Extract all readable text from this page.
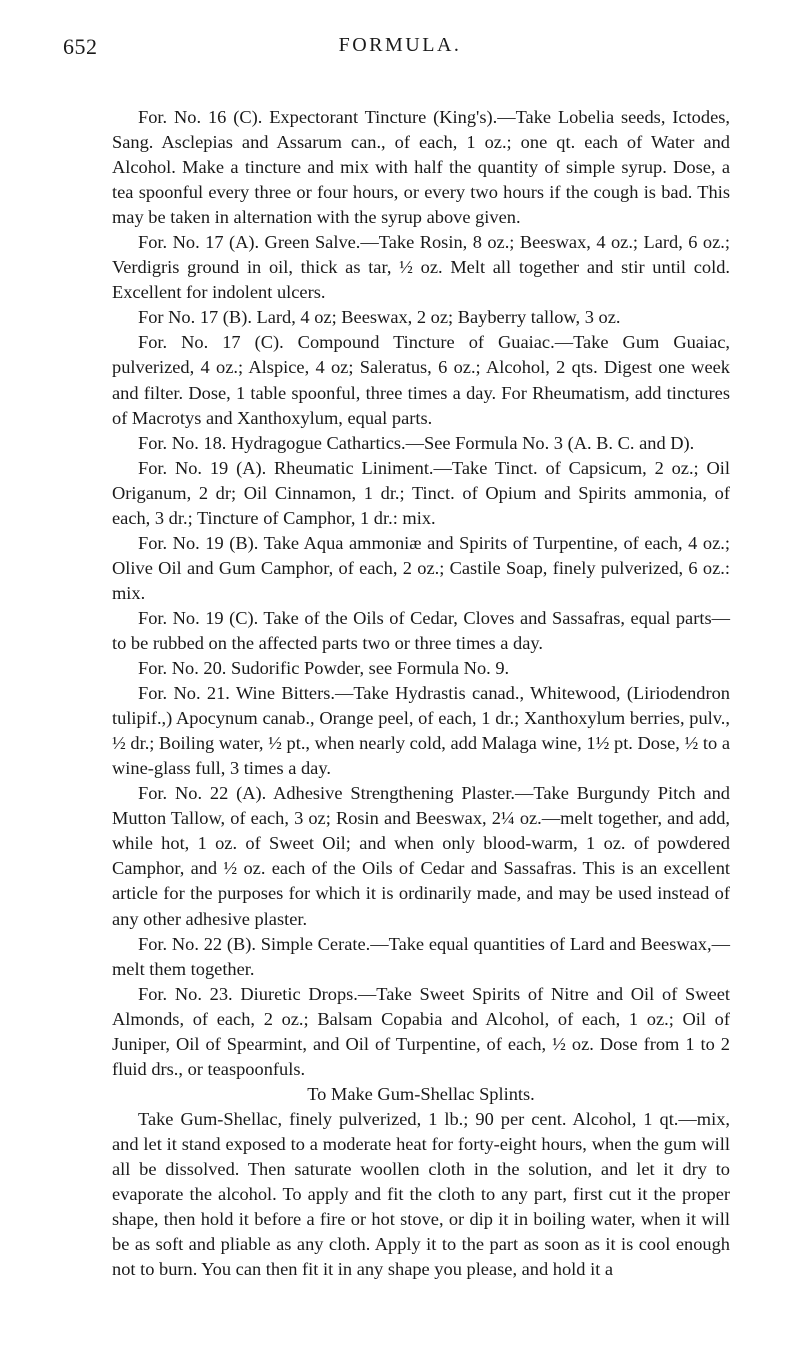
652	FORMULA.

For. No. 16 (C). Expectorant Tincture (King's).—Take Lobelia seeds, Ictodes, Sang. Asclepias and Assarum can., of each, 1 oz.; one qt. each of Water and Alcohol. Make a tincture and mix with half the quantity of simple syrup. Dose, a tea spoonful every three or four hours, or every two hours if the cough is bad. This may be taken in alternation with the syrup above given.

For. No. 17 (A). Green Salve.—Take Rosin, 8 oz.; Beeswax, 4 oz.; Lard, 6 oz.; Verdigris ground in oil, thick as tar, ½ oz. Melt all together and stir until cold. Excellent for indolent ulcers.

For No. 17 (B). Lard, 4 oz; Beeswax, 2 oz; Bayberry tallow, 3 oz.

For. No. 17 (C). Compound Tincture of Guaiac.—Take Gum Guaiac, pulverized, 4 oz.; Alspice, 4 oz; Saleratus, 6 oz.; Alcohol, 2 qts. Digest one week and filter. Dose, 1 table spoonful, three times a day. For Rheumatism, add tinctures of Macrotys and Xanthoxylum, equal parts.

For. No. 18. Hydragogue Cathartics.—See Formula No. 3 (A. B. C. and D).

For. No. 19 (A). Rheumatic Liniment.—Take Tinct. of Capsicum, 2 oz.; Oil Origanum, 2 dr; Oil Cinnamon, 1 dr.; Tinct. of Opium and Spirits ammonia, of each, 3 dr.; Tincture of Camphor, 1 dr.: mix.

For. No. 19 (B). Take Aqua ammoniæ and Spirits of Turpentine, of each, 4 oz.; Olive Oil and Gum Camphor, of each, 2 oz.; Castile Soap, finely pulverized, 6 oz.: mix.

For. No. 19 (C). Take of the Oils of Cedar, Cloves and Sassafras, equal parts—to be rubbed on the affected parts two or three times a day.

For. No. 20. Sudorific Powder, see Formula No. 9.

For. No. 21. Wine Bitters.—Take Hydrastis canad., Whitewood, (Liriodendron tulipif.,) Apocynum canab., Orange peel, of each, 1 dr.; Xanthoxylum berries, pulv., ½ dr.; Boiling water, ½ pt., when nearly cold, add Malaga wine, 1½ pt. Dose, ½ to a wine-glass full, 3 times a day.

For. No. 22 (A). Adhesive Strengthening Plaster.—Take Burgundy Pitch and Mutton Tallow, of each, 3 oz; Rosin and Beeswax, 2¼ oz.—melt together, and add, while hot, 1 oz. of Sweet Oil; and when only blood-warm, 1 oz. of powdered Camphor, and ½ oz. each of the Oils of Cedar and Sassafras. This is an excellent article for the purposes for which it is ordinarily made, and may be used instead of any other adhesive plaster.

For. No. 22 (B). Simple Cerate.—Take equal quantities of Lard and Beeswax,—melt them together.

For. No. 23. Diuretic Drops.—Take Sweet Spirits of Nitre and Oil of Sweet Almonds, of each, 2 oz.; Balsam Copabia and Alcohol, of each, 1 oz.; Oil of Juniper, Oil of Spearmint, and Oil of Turpentine, of each, ½ oz. Dose from 1 to 2 fluid drs., or teaspoonfuls.

To Make Gum-Shellac Splints.

Take Gum-Shellac, finely pulverized, 1 lb.; 90 per cent. Alcohol, 1 qt.—mix, and let it stand exposed to a moderate heat for forty-eight hours, when the gum will all be dissolved. Then saturate woollen cloth in the solution, and let it dry to evaporate the alcohol. To apply and fit the cloth to any part, first cut it the proper shape, then hold it before a fire or hot stove, or dip it in boiling water, when it will be as soft and pliable as any cloth. Apply it to the part as soon as it is cool enough not to burn. You can then fit it in any shape you please, and hold it a
